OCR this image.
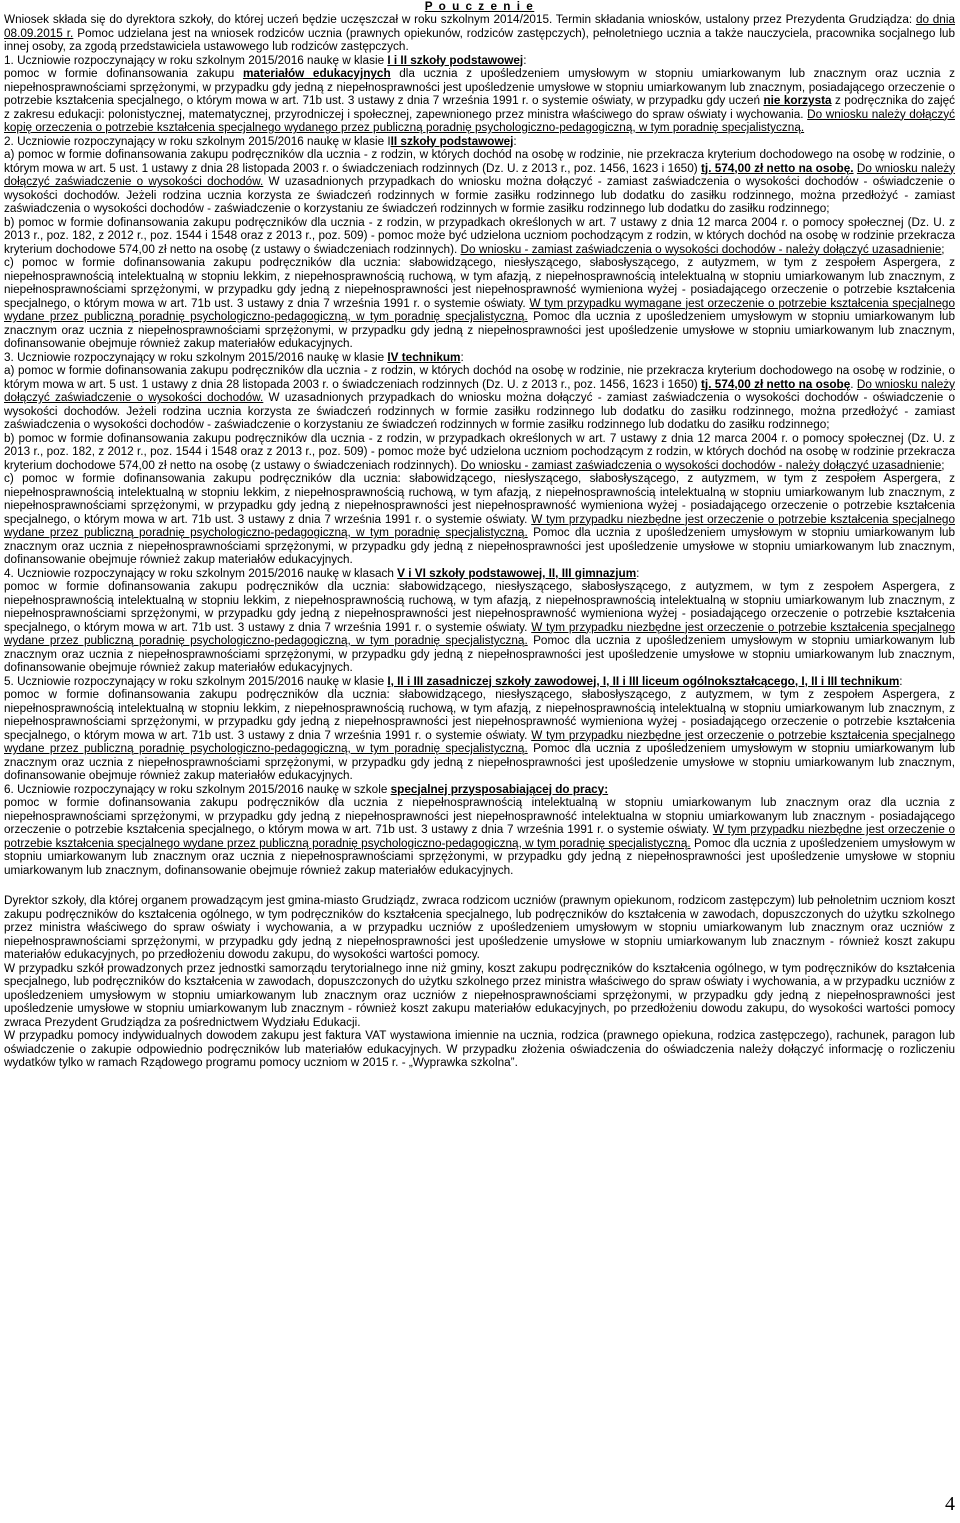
P o u c z e n i e

Wniosek składa się do dyrektora szkoły, do której uczeń będzie uczęszczał w roku szkolnym 2014/2015. Termin składania wniosków, ustalony przez Prezydenta Grudziądza: do dnia 08.09.2015 r. Pomoc udzielana jest na wniosek rodziców ucznia (prawnych opiekunów, rodziców zastępczych), pełnoletniego ucznia a także nauczyciela, pracownika socjalnego lub innej osoby, za zgodą przedstawiciela ustawowego lub rodziców zastępczych.

1. Uczniowie rozpoczynający w roku szkolnym 2015/2016 naukę w klasie I i II szkoły podstawowej:

pomoc w formie dofinansowania zakupu materiałów edukacyjnych dla ucznia z upośledzeniem umysłowym w stopniu umiarkowanym lub znacznym oraz ucznia z niepełnosprawnościami sprzężonymi, w przypadku gdy jedną z niepełnosprawności jest upośledzenie umysłowe w stopniu umiarkowanym lub znacznym, posiadającego orzeczenie o potrzebie kształcenia specjalnego, o którym mowa w art. 71b ust. 3 ustawy z dnia 7 września 1991 r. o systemie oświaty, w przypadku gdy uczeń nie korzysta z podręcznika do zajęć z zakresu edukacji: polonistycznej, matematycznej, przyrodniczej i społecznej, zapewnionego przez ministra właściwego do spraw oświaty i wychowania. Do wniosku należy dołączyć kopię orzeczenia o potrzebie kształcenia specjalnego wydanego przez publiczną poradnię psychologiczno-pedagogiczną, w tym poradnię specjalistyczną.

2. Uczniowie rozpoczynający w roku szkolnym 2015/2016 naukę w klasie III szkoły podstawowej:

a) pomoc w formie dofinansowania zakupu podręczników dla ucznia - z rodzin, w których dochód na osobę w rodzinie, nie przekracza kryterium dochodowego na osobę w rodzinie, o którym mowa w art. 5 ust. 1 ustawy z dnia 28 listopada 2003 r. o świadczeniach rodzinnych (Dz. U. z 2013 r., poz. 1456, 1623 i 1650) tj. 574,00 zł netto na osobę. Do wniosku należy dołączyć zaświadczenie o wysokości dochodów. W uzasadnionych przypadkach do wniosku można dołączyć - zamiast zaświadczenia o wysokości dochodów - oświadczenie o wysokości dochodów. Jeżeli rodzina ucznia korzysta ze świadczeń rodzinnych w formie zasiłku rodzinnego lub dodatku do zasiłku rodzinnego, można przedłożyć - zamiast zaświadczenia o wysokości dochodów - zaświadczenie o korzystaniu ze świadczeń rodzinnych w formie zasiłku rodzinnego lub dodatku do zasiłku rodzinnego;

b) pomoc w formie dofinansowania zakupu podręczników dla ucznia - z rodzin, w przypadkach określonych w art. 7 ustawy z dnia 12 marca 2004 r. o pomocy społecznej (Dz. U. z 2013 r., poz. 182, z 2012 r., poz. 1544 i 1548 oraz z 2013 r., poz. 509) - pomoc może być udzielona uczniom pochodzącym z rodzin, w których dochód na osobę w rodzinie przekracza kryterium dochodowe 574,00 zł netto na osobę (z ustawy o świadczeniach rodzinnych). Do wniosku - zamiast zaświadczenia o wysokości dochodów - należy dołączyć uzasadnienie;

c) pomoc w formie dofinansowania zakupu podręczników dla ucznia: słabowidzącego, niesłyszącego, słabosłyszącego, z autyzmem, w tym z zespołem Aspergera, z niepełnosprawnością intelektualną w stopniu lekkim, z niepełnosprawnością ruchową, w tym afazją, z niepełnosprawnością intelektualną w stopniu umiarkowanym lub znacznym, z niepełnosprawnościami sprzężonymi, w przypadku gdy jedną z niepełnosprawności jest niepełnosprawność wymieniona wyżej - posiadającego orzeczenie o potrzebie kształcenia specjalnego, o którym mowa w art. 71b ust. 3 ustawy z dnia 7 września 1991 r. o systemie oświaty. W tym przypadku wymagane jest orzeczenie o potrzebie kształcenia specjalnego wydane przez publiczną poradnię psychologiczno-pedagogiczną, w tym poradnię specjalistyczną. Pomoc dla ucznia z upośledzeniem umysłowym w stopniu umiarkowanym lub znacznym oraz ucznia z niepełnosprawnościami sprzężonymi, w przypadku gdy jedną z niepełnosprawności jest upośledzenie umysłowe w stopniu umiarkowanym lub znacznym, dofinansowanie obejmuje również zakup materiałów edukacyjnych.

3. Uczniowie rozpoczynający w roku szkolnym 2015/2016 naukę w klasie IV technikum:

a) pomoc w formie dofinansowania zakupu podręczników dla ucznia - z rodzin, w których dochód na osobę w rodzinie, nie przekracza kryterium dochodowego na osobę w rodzinie, o którym mowa w art. 5 ust. 1 ustawy z dnia 28 listopada 2003 r. o świadczeniach rodzinnych (Dz. U. z 2013 r., poz. 1456, 1623 i 1650) tj. 574,00 zł netto na osobę. Do wniosku należy dołączyć zaświadczenie o wysokości dochodów. W uzasadnionych przypadkach do wniosku można dołączyć - zamiast zaświadczenia o wysokości dochodów - oświadczenie o wysokości dochodów. Jeżeli rodzina ucznia korzysta ze świadczeń rodzinnych w formie zasiłku rodzinnego lub dodatku do zasiłku rodzinnego, można przedłożyć - zamiast zaświadczenia o wysokości dochodów - zaświadczenie o korzystaniu ze świadczeń rodzinnych w formie zasiłku rodzinnego lub dodatku do zasiłku rodzinnego;

b) pomoc w formie dofinansowania zakupu podręczników dla ucznia - z rodzin, w przypadkach określonych w art. 7 ustawy z dnia 12 marca 2004 r. o pomocy społecznej (Dz. U. z 2013 r., poz. 182, z 2012 r., poz. 1544 i 1548 oraz z 2013 r., poz. 509) - pomoc może być udzielona uczniom pochodzącym z rodzin, w których dochód na osobę w rodzinie przekracza kryterium dochodowe 574,00 zł netto na osobę (z ustawy o świadczeniach rodzinnych). Do wniosku - zamiast zaświadczenia o wysokości dochodów - należy dołączyć uzasadnienie;

c) pomoc w formie dofinansowania zakupu podręczników dla ucznia: słabowidzącego, niesłyszącego, słabosłyszącego, z autyzmem, w tym z zespołem Aspergera, z niepełnosprawnością intelektualną w stopniu lekkim, z niepełnosprawnością ruchową, w tym afazją, z niepełnosprawnością intelektualną w stopniu umiarkowanym lub znacznym, z niepełnosprawnościami sprzężonymi, w przypadku gdy jedną z niepełnosprawności jest niepełnosprawność wymieniona wyżej - posiadającego orzeczenie o potrzebie kształcenia specjalnego, o którym mowa w art. 71b ust. 3 ustawy z dnia 7 września 1991 r. o systemie oświaty. W tym przypadku niezbędne jest orzeczenie o potrzebie kształcenia specjalnego wydane przez publiczną poradnię psychologiczno-pedagogiczną, w tym poradnię specjalistyczną. Pomoc dla ucznia z upośledzeniem umysłowym w stopniu umiarkowanym lub znacznym oraz ucznia z niepełnosprawnościami sprzężonymi, w przypadku gdy jedną z niepełnosprawności jest upośledzenie umysłowe w stopniu umiarkowanym lub znacznym, dofinansowanie obejmuje również zakup materiałów edukacyjnych.

4. Uczniowie rozpoczynający w roku szkolnym 2015/2016 naukę w klasach V i VI szkoły podstawowej, II, III gimnazjum:

pomoc w formie dofinansowania zakupu podręczników dla ucznia: słabowidzącego, niesłyszącego, słabosłyszącego, z autyzmem, w tym z zespołem Aspergera, z niepełnosprawnością intelektualną w stopniu lekkim, z niepełnosprawnością ruchową, w tym afazją, z niepełnosprawnością intelektualną w stopniu umiarkowanym lub znacznym, z niepełnosprawnościami sprzężonymi, w przypadku gdy jedną z niepełnosprawności jest niepełnosprawność wymieniona wyżej - posiadającego orzeczenie o potrzebie kształcenia specjalnego, o którym mowa w art. 71b ust. 3 ustawy z dnia 7 września 1991 r. o systemie oświaty. W tym przypadku niezbędne jest orzeczenie o potrzebie kształcenia specjalnego wydane przez publiczną poradnię psychologiczno-pedagogiczną, w tym poradnię specjalistyczną. Pomoc dla ucznia z upośledzeniem umysłowym w stopniu umiarkowanym lub znacznym oraz ucznia z niepełnosprawnościami sprzężonymi, w przypadku gdy jedną z niepełnosprawności jest upośledzenie umysłowe w stopniu umiarkowanym lub znacznym, dofinansowanie obejmuje również zakup materiałów edukacyjnych.

5. Uczniowie rozpoczynający w roku szkolnym 2015/2016 naukę w klasie I, II i III zasadniczej szkoły zawodowej, I, II i III liceum ogólnokształcącego, I, II i III technikum:

pomoc w formie dofinansowania zakupu podręczników dla ucznia: słabowidzącego, niesłyszącego, słabosłyszącego, z autyzmem, w tym z zespołem Aspergera, z niepełnosprawnością intelektualną w stopniu lekkim, z niepełnosprawnością ruchową, w tym afazją, z niepełnosprawnością intelektualną w stopniu umiarkowanym lub znacznym, z niepełnosprawnościami sprzężonymi, w przypadku gdy jedną z niepełnosprawności jest niepełnosprawność wymieniona wyżej - posiadającego orzeczenie o potrzebie kształcenia specjalnego, o którym mowa w art. 71b ust. 3 ustawy z dnia 7 września 1991 r. o systemie oświaty. W tym przypadku niezbędne jest orzeczenie o potrzebie kształcenia specjalnego wydane przez publiczną poradnię psychologiczno-pedagogiczną, w tym poradnię specjalistyczną. Pomoc dla ucznia z upośledzeniem umysłowym w stopniu umiarkowanym lub znacznym oraz ucznia z niepełnosprawnościami sprzężonymi, w przypadku gdy jedną z niepełnosprawności jest upośledzenie umysłowe w stopniu umiarkowanym lub znacznym, dofinansowanie obejmuje również zakup materiałów edukacyjnych.

6. Uczniowie rozpoczynający w roku szkolnym 2015/2016 naukę w szkole specjalnej przysposabiającej do pracy:

pomoc w formie dofinansowania zakupu podręczników dla ucznia z niepełnosprawnością intelektualną w stopniu umiarkowanym lub znacznym oraz dla ucznia z niepełnosprawnościami sprzężonymi, w przypadku gdy jedną z niepełnosprawności jest niepełnosprawność intelektualna w stopniu umiarkowanym lub znacznym - posiadającego orzeczenie o potrzebie kształcenia specjalnego, o którym mowa w art. 71b ust. 3 ustawy z dnia 7 września 1991 r. o systemie oświaty. W tym przypadku niezbędne jest orzeczenie o potrzebie kształcenia specjalnego wydane przez publiczną poradnię psychologiczno-pedagogiczną, w tym poradnię specjalistyczną. Pomoc dla ucznia z upośledzeniem umysłowym w stopniu umiarkowanym lub znacznym oraz ucznia z niepełnosprawnościami sprzężonymi, w przypadku gdy jedną z niepełnosprawności jest upośledzenie umysłowe w stopniu umiarkowanym lub znacznym, dofinansowanie obejmuje również zakup materiałów edukacyjnych.

Dyrektor szkoły, dla której organem prowadzącym jest gmina-miasto Grudziądz, zwraca rodzicom uczniów (prawnym opiekunom, rodzicom zastępczym) lub pełnoletnim uczniom koszt zakupu podręczników do kształcenia ogólnego, w tym podręczników do kształcenia specjalnego, lub podręczników do kształcenia w zawodach, dopuszczonych do użytku szkolnego przez ministra właściwego do spraw oświaty i wychowania, a w przypadku uczniów z upośledzeniem umysłowym w stopniu umiarkowanym lub znacznym oraz uczniów z niepełnosprawnościami sprzężonymi, w przypadku gdy jedną z niepełnosprawności jest upośledzenie umysłowe w stopniu umiarkowanym lub znacznym - również koszt zakupu materiałów edukacyjnych, po przedłożeniu dowodu zakupu, do wysokości wartości pomocy.

W przypadku szkół prowadzonych przez jednostki samorządu terytorialnego inne niż gminy, koszt zakupu podręczników do kształcenia ogólnego, w tym podręczników do kształcenia specjalnego, lub podręczników do kształcenia w zawodach, dopuszczonych do użytku szkolnego przez ministra właściwego do spraw oświaty i wychowania, a w przypadku uczniów z upośledzeniem umysłowym w stopniu umiarkowanym lub znacznym oraz uczniów z niepełnosprawnościami sprzężonymi, w przypadku gdy jedną z niepełnosprawności jest upośledzenie umysłowe w stopniu umiarkowanym lub znacznym - również koszt zakupu materiałów edukacyjnych, po przedłożeniu dowodu zakupu, do wysokości wartości pomocy zwraca Prezydent Grudziądza za pośrednictwem Wydziału Edukacji.

W przypadku pomocy indywidualnych dowodem zakupu jest faktura VAT wystawiona imiennie na ucznia, rodzica (prawnego opiekuna, rodzica zastępczego), rachunek, paragon lub oświadczenie o zakupie odpowiednio podręczników lub materiałów edukacyjnych. W przypadku złożenia oświadczenia do oświadczenia należy dołączyć informację o rozliczeniu wydatków tylko w ramach Rządowego programu pomocy uczniom w 2015 r. - „Wyprawka szkolna”.

4
